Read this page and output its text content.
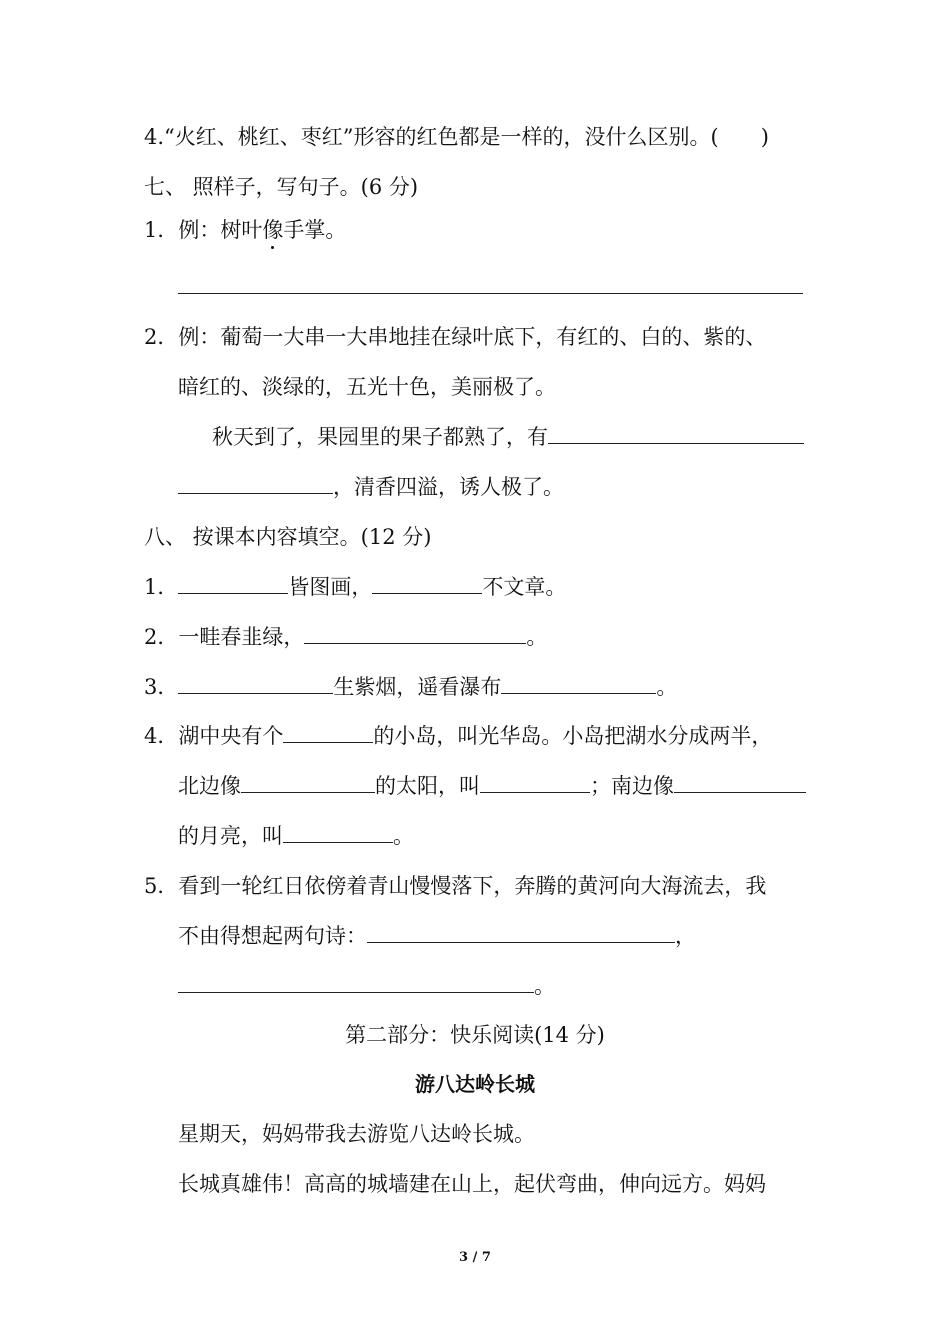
4.“火红、桃红、枣红”形容的红色都是一样的，没什么区别。(　　)
七、 照样子，写句子。(6 分)
1．例：树叶像手掌。
2．例：葡萄一大串一大串地挂在绿叶底下，有红的、白的、紫的、
暗红的、淡绿的，五光十色，美丽极了。
秋天到了，果园里的果子都熟了，有
，清香四溢，诱人极了。
八、 按课本内容填空。(12 分)
1．	皆图画，	不文章。
2．一畦春韭绿，	。
3．	生紫烟，遥看瀑布	。
4．湖中央有个	的小岛，叫光华岛。小岛把湖水分成两半，
北边像	的太阳，叫	；南边像
的月亮，叫	。
5．看到一轮红日依傍着青山慢慢落下，奔腾的黄河向大海流去，我
不由得想起两句诗：	，
。
第二部分：快乐阅读(14 分)
游八达岭长城
星期天，妈妈带我去游览八达岭长城。
长城真雄伟！高高的城墙建在山上，起伏弯曲，伸向远方。妈妈
3 / 7
